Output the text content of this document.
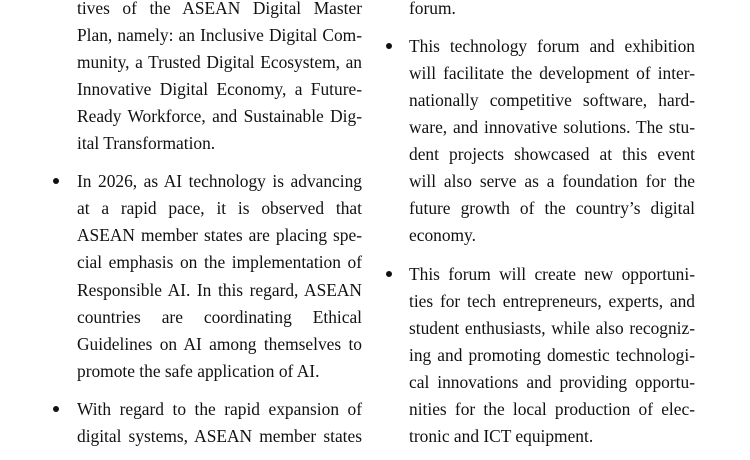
tives of the ASEAN Digital Master
Plan, namely: an Inclusive Digital Com-
munity, a Trusted Digital Ecosystem, an
Innovative Digital Economy, a Future-
Ready Workforce, and Sustainable Dig-
ital Transformation.
In 2026, as AI technology is advancing
at a rapid pace, it is observed that
ASEAN member states are placing spe-
cial emphasis on the implementation of
Responsible AI. In this regard, ASEAN
countries are coordinating Ethical
Guidelines on AI among themselves to
promote the safe application of AI.
With regard to the rapid expansion of
digital systems, ASEAN member states
forum.
This technology forum and exhibition
will facilitate the development of inter-
nationally competitive software, hard-
ware, and innovative solutions. The stu-
dent projects showcased at this event
will also serve as a foundation for the
future growth of the country’s digital
economy.
This forum will create new opportuni-
ties for tech entrepreneurs, experts, and
student enthusiasts, while also recogniz-
ing and promoting domestic technologi-
cal innovations and providing opportu-
nities for the local production of elec-
tronic and ICT equipment.
